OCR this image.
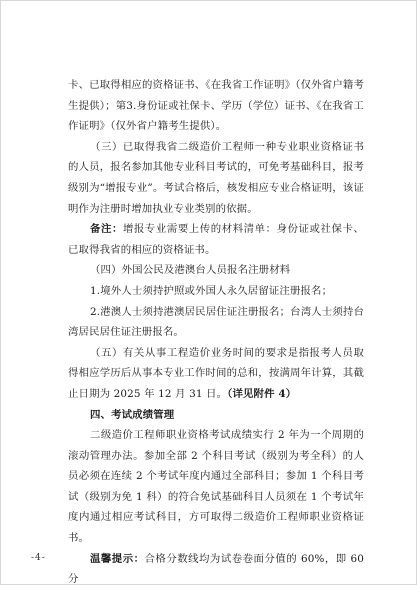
卡、已取得相应的资格证书、《在我省工作证明》（仅外省户籍考生提供）；第3.身份证或社保卡、学历（学位）证书、《在我省工作证明》（仅外省户籍考生提供）。

（三）已取得我省二级造价工程师一种专业职业资格证书的人员，报名参加其他专业科目考试的，可免考基础科目，报考级别为“增报专业”。考试合格后，核发相应专业合格证明，该证明作为注册时增加执业专业类别的依据。

备注：增报专业需要上传的材料清单：身份证或社保卡、已取得我省的相应的资格证书。

（四）外国公民及港澳台人员报名注册材料

1.境外人士须持护照或外国人永久居留证注册报名；

2.港澳人士须持港澳居民居住证注册报名；台湾人士须持台湾居民居住证注册报名。

（五）有关从事工程造价业务时间的要求是指报考人员取得相应学历后从事本专业工作时间的总和，按满周年计算，其截止日期为 2025 年 12 月 31 日。（详见附件 4）

四、考试成绩管理

二级造价工程师职业资格考试成绩实行 2 年为一个周期的滚动管理办法。参加全部 2 个科目考试（级别为考全科）的人员必须在连续 2 个考试年度内通过全部科目；参加 1 个科目考试（级别为免 1 科）的符合免试基础科目人员须在 1 个考试年度内通过相应考试科目，方可取得二级造价工程师职业资格证书。

温馨提示：合格分数线均为试卷卷面分值的 60%，即 60 分

-4-
